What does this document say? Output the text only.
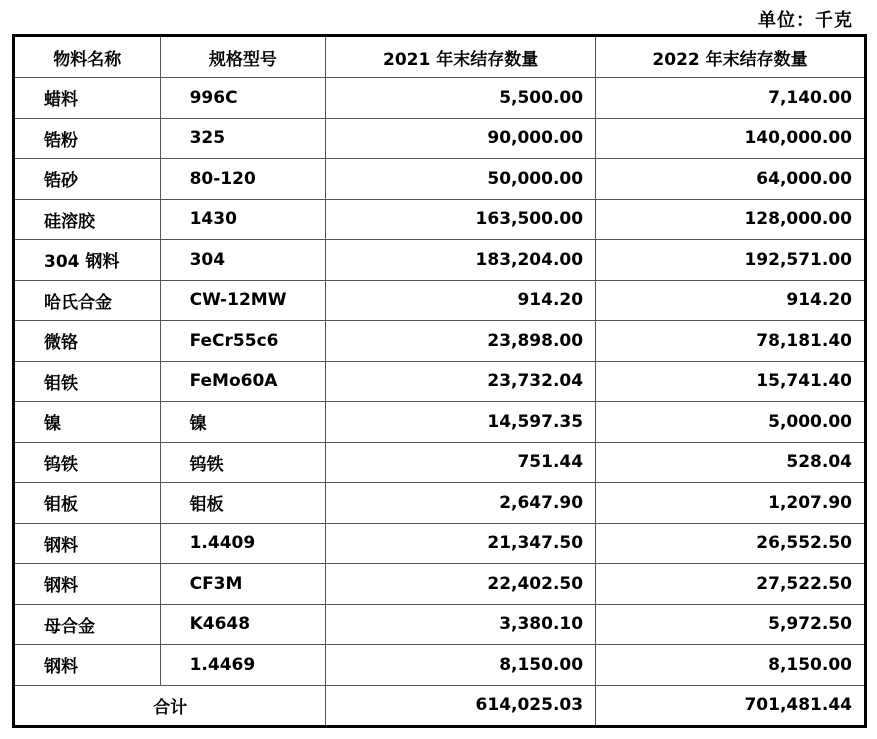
单位：千克
物料名称	规格型号	2021 年末结存数量	2022 年末结存数量
蜡料	996C	5,500.00	7,140.00
锆粉	325	90,000.00	140,000.00
锆砂	80-120	50,000.00	64,000.00
硅溶胶	1430	163,500.00	128,000.00
304 钢料	304	183,204.00	192,571.00
哈氏合金	CW-12MW	914.20	914.20
微铬	FeCr55c6	23,898.00	78,181.40
钼铁	FeMo60A	23,732.04	15,741.40
镍	镍	14,597.35	5,000.00
钨铁	钨铁	751.44	528.04
钼板	钼板	2,647.90	1,207.90
钢料	1.4409	21,347.50	26,552.50
钢料	CF3M	22,402.50	27,522.50
母合金	K4648	3,380.10	5,972.50
钢料	1.4469	8,150.00	8,150.00
合计		614,025.03	701,481.44
